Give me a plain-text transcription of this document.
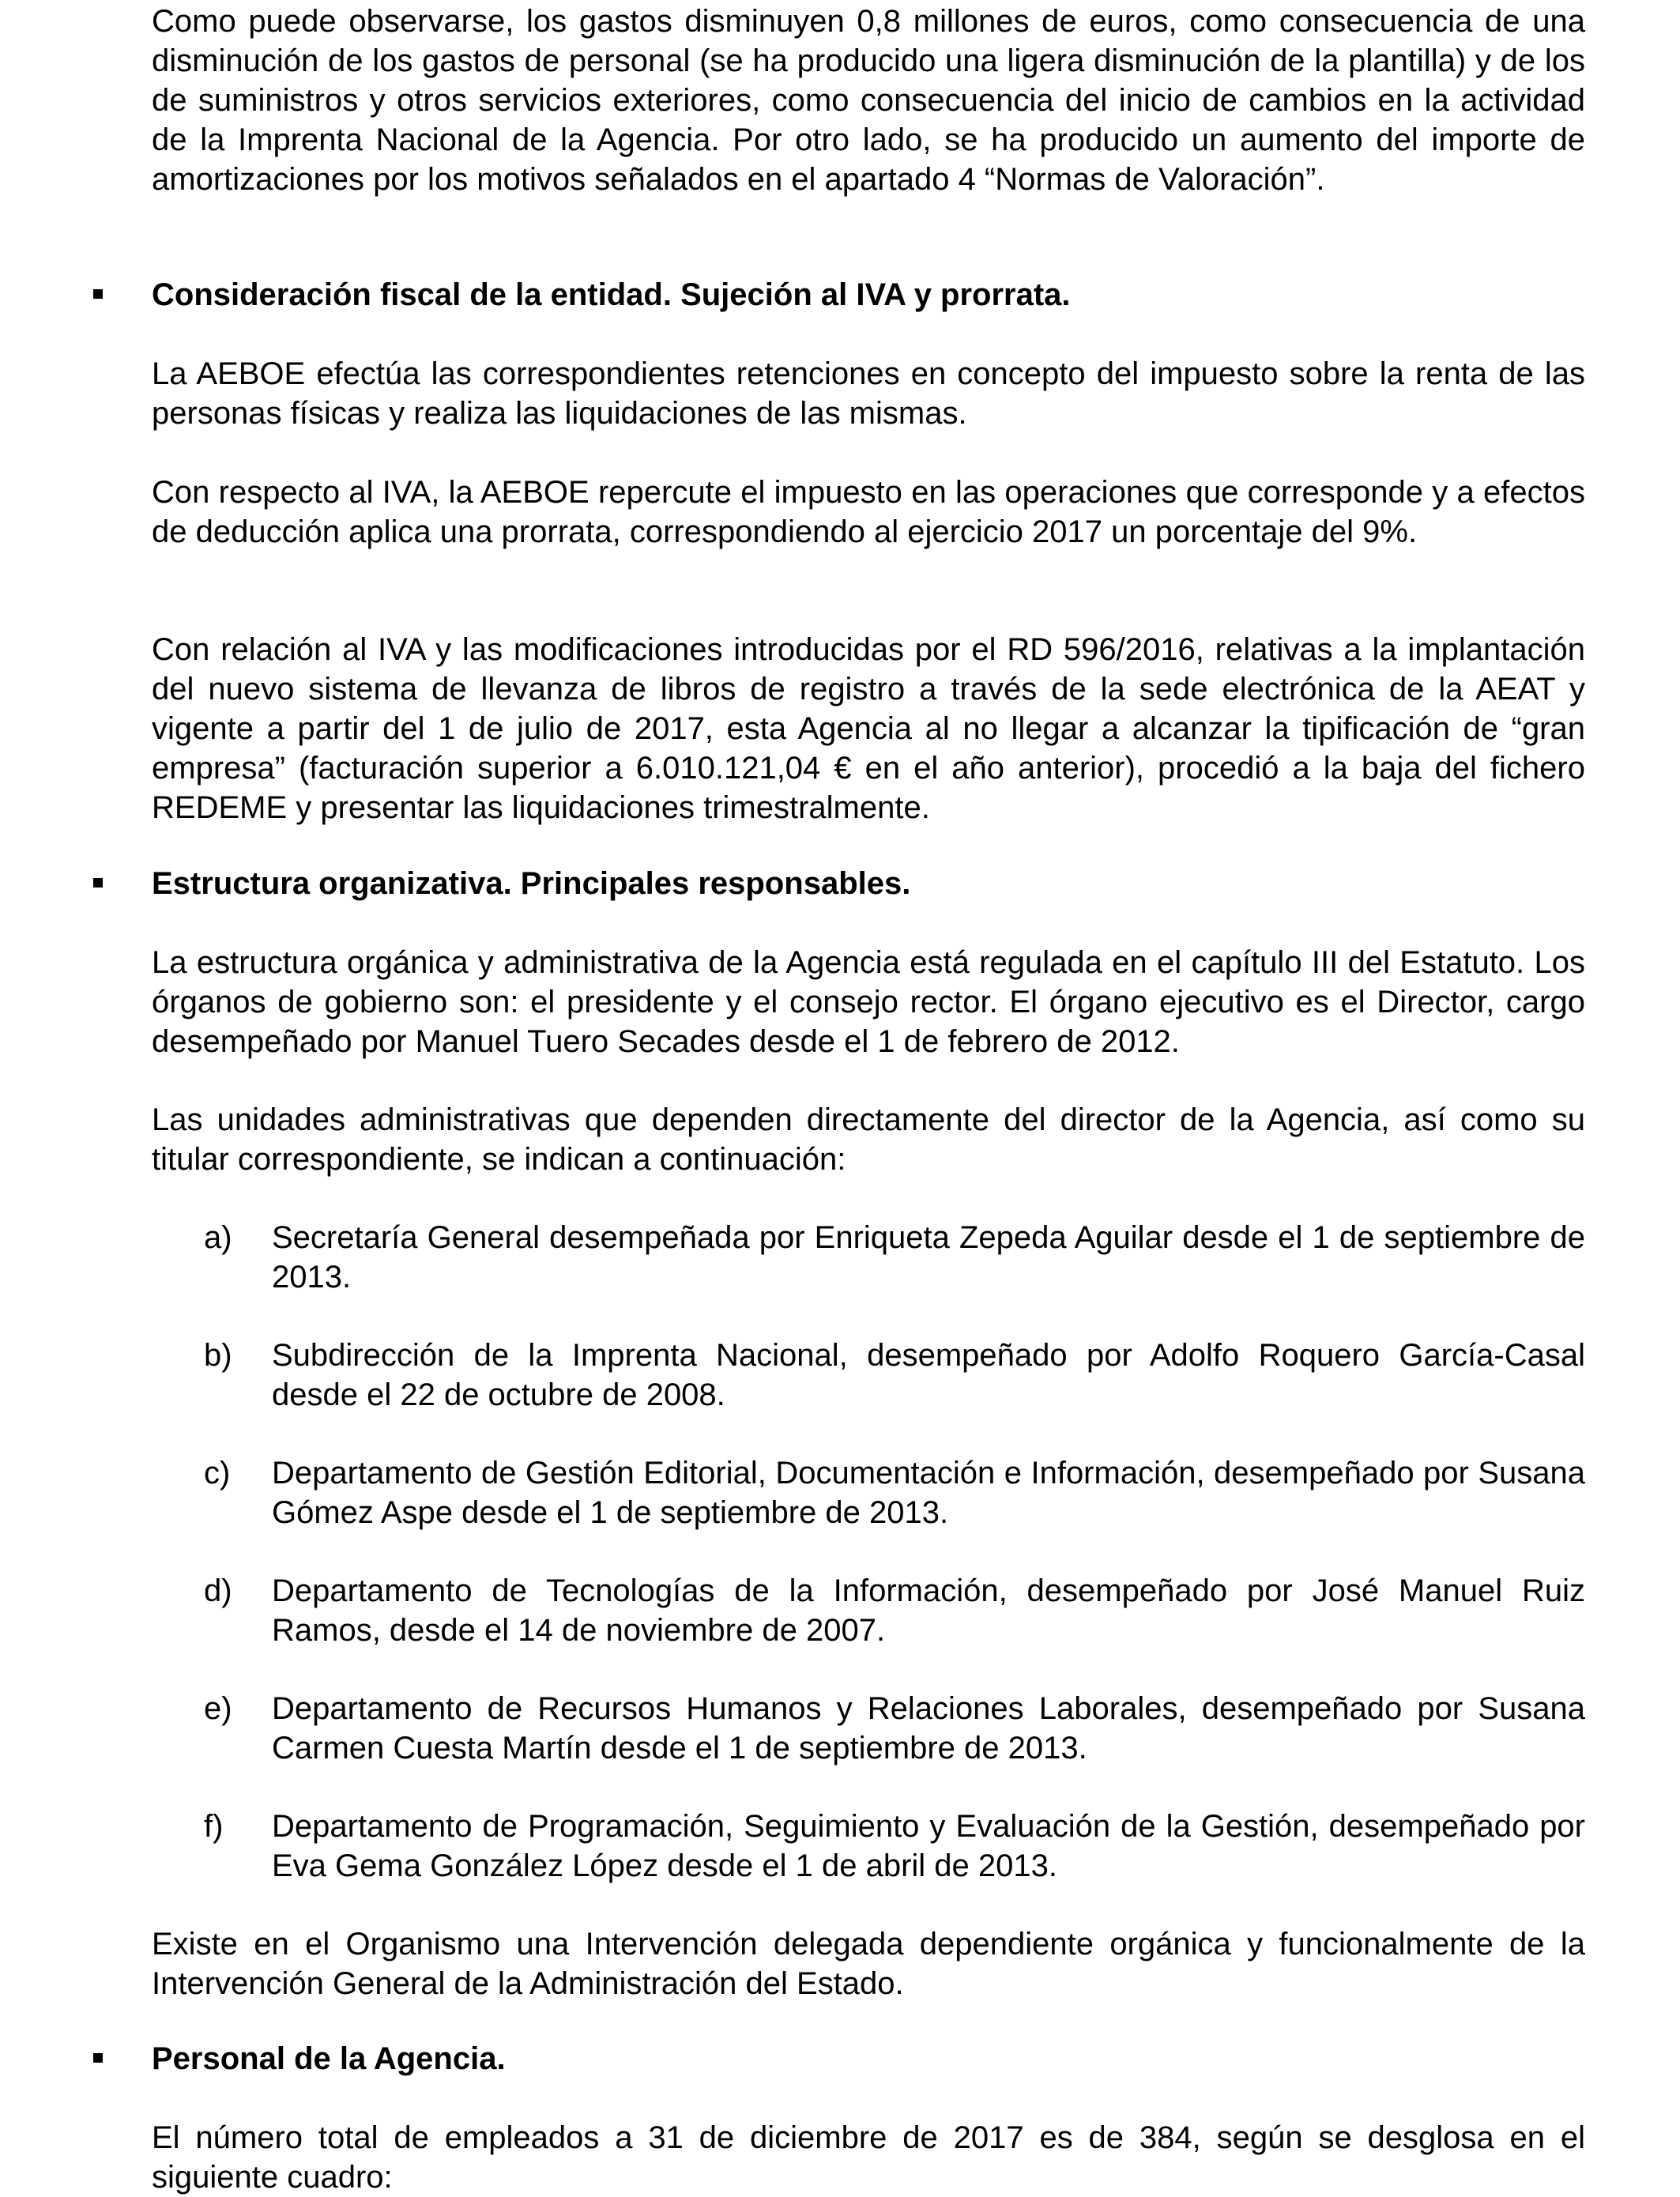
Como puede observarse, los gastos disminuyen 0,8 millones de euros, como consecuencia de una disminución de los gastos de personal (se ha producido una ligera disminución de la plantilla) y de los de suministros y otros servicios exteriores, como consecuencia del inicio de cambios en la actividad de la Imprenta Nacional de la Agencia. Por otro lado, se ha producido un aumento del importe de amortizaciones por los motivos señalados en el apartado 4 “Normas de Valoración”.

Consideración fiscal de la entidad. Sujeción al IVA y prorrata.

La AEBOE efectúa las correspondientes retenciones en concepto del impuesto sobre la renta de las personas físicas y realiza las liquidaciones de las mismas.

Con respecto al IVA, la AEBOE repercute el impuesto en las operaciones que corresponde y a efectos de deducción aplica una prorrata, correspondiendo al ejercicio 2017 un porcentaje del 9%.

Con relación al IVA y las modificaciones introducidas por el RD 596/2016, relativas a la implantación del nuevo sistema de llevanza de libros de registro a través de la sede electrónica de la AEAT y vigente a partir del 1 de julio de 2017, esta Agencia al no llegar a alcanzar la tipificación de “gran empresa” (facturación superior a 6.010.121,04 € en el año anterior), procedió a la baja del fichero REDEME y presentar las liquidaciones trimestralmente.

Estructura organizativa. Principales responsables.

La estructura orgánica y administrativa de la Agencia está regulada en el capítulo III del Estatuto. Los órganos de gobierno son: el presidente y el consejo rector. El órgano ejecutivo es el Director, cargo desempeñado por Manuel Tuero Secades desde el 1 de febrero de 2012.

Las unidades administrativas que dependen directamente del director de la Agencia, así como su titular correspondiente, se indican a continuación:

a)	Secretaría General desempeñada por Enriqueta Zepeda Aguilar desde el 1 de septiembre de 2013.

b)	Subdirección de la Imprenta Nacional, desempeñado por Adolfo Roquero García-Casal desde el 22 de octubre de 2008.

c)	Departamento de Gestión Editorial, Documentación e Información, desempeñado por Susana Gómez Aspe desde el 1 de septiembre de 2013.

d)	Departamento de Tecnologías de la Información, desempeñado por José Manuel Ruiz Ramos, desde el 14 de noviembre de 2007.

e)	Departamento de Recursos Humanos y Relaciones Laborales, desempeñado por Susana Carmen Cuesta Martín desde el 1 de septiembre de 2013.

f)	Departamento de Programación, Seguimiento y Evaluación de la Gestión, desempeñado por Eva Gema González López desde el 1 de abril de 2013.

Existe en el Organismo una Intervención delegada dependiente orgánica y funcionalmente de la Intervención General de la Administración del Estado.

Personal de la Agencia.

El número total de empleados a 31 de diciembre de 2017 es de 384, según se desglosa en el siguiente cuadro:
